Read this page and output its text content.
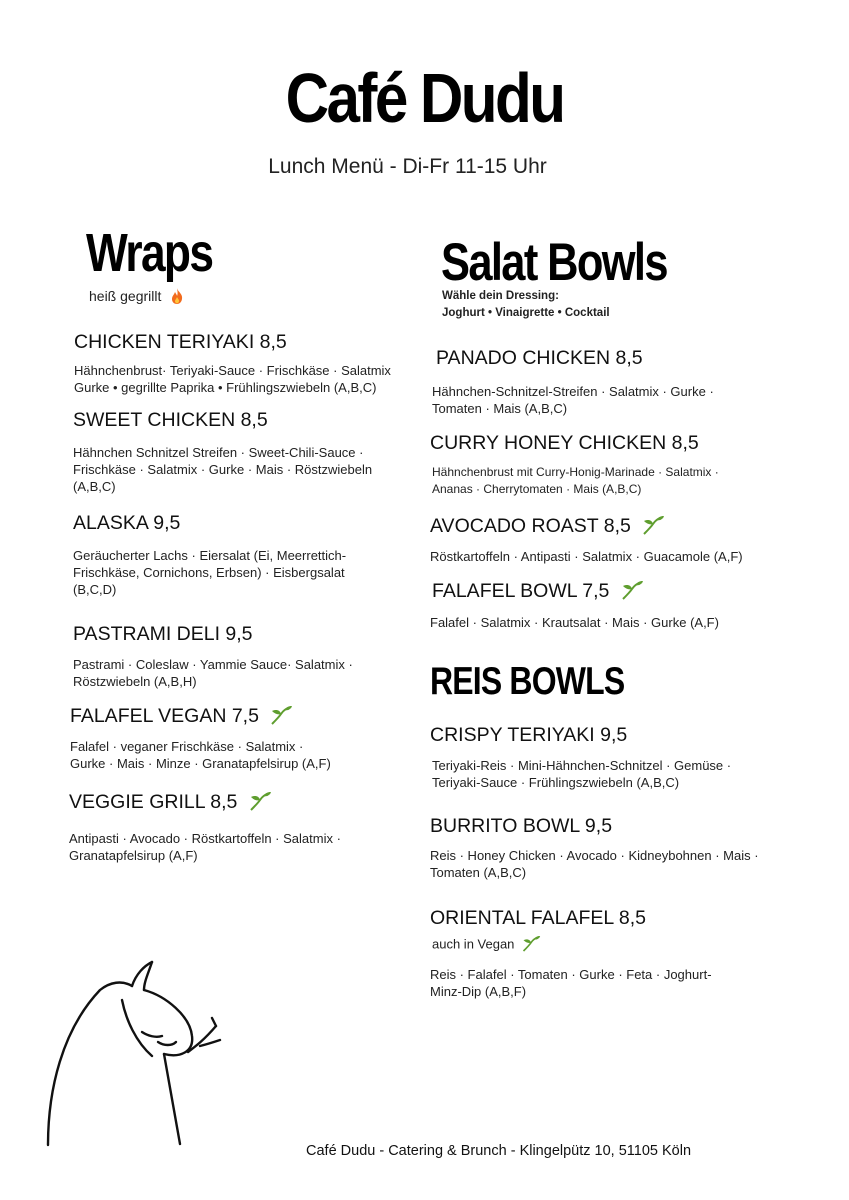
Café Dudu
Lunch Menü - Di-Fr 11-15 Uhr
Wraps
heiß gegrillt
CHICKEN TERIYAKI 8,5
Hähnchenbrust· Teriyaki-Sauce · Frischkäse · Salatmix
Gurke • gegrillte Paprika • Frühlingszwiebeln (A,B,C)
SWEET CHICKEN 8,5
Hähnchen Schnitzel Streifen · Sweet-Chili-Sauce ·
Frischkäse · Salatmix · Gurke · Mais · Röstzwiebeln
(A,B,C)
ALASKA 9,5
Geräucherter Lachs · Eiersalat (Ei, Meerrettich-
Frischkäse, Cornichons, Erbsen) · Eisbergsalat
(B,C,D)
PASTRAMI DELI 9,5
Pastrami · Coleslaw · Yammie Sauce· Salatmix ·
Röstzwiebeln (A,B,H)
FALAFEL VEGAN 7,5
Falafel · veganer Frischkäse · Salatmix ·
Gurke · Mais · Minze · Granatapfelsirup (A,F)
VEGGIE GRILL 8,5
Antipasti · Avocado · Röstkartoffeln · Salatmix ·
Granatapfelsirup (A,F)
Salat Bowls
Wähle dein Dressing:
Joghurt • Vinaigrette • Cocktail
PANADO CHICKEN 8,5
Hähnchen-Schnitzel-Streifen · Salatmix · Gurke ·
Tomaten · Mais (A,B,C)
CURRY HONEY CHICKEN 8,5
Hähnchenbrust mit Curry-Honig-Marinade · Salatmix ·
Ananas · Cherrytomaten · Mais (A,B,C)
AVOCADO ROAST 8,5
Röstkartoffeln · Antipasti · Salatmix · Guacamole (A,F)
FALAFEL BOWL 7,5
Falafel · Salatmix · Krautsalat · Mais · Gurke (A,F)
REIS BOWLS
CRISPY TERIYAKI 9,5
Teriyaki-Reis · Mini-Hähnchen-Schnitzel · Gemüse ·
Teriyaki-Sauce · Frühlingszwiebeln (A,B,C)
BURRITO BOWL 9,5
Reis · Honey Chicken · Avocado · Kidneybohnen · Mais ·
Tomaten (A,B,C)
ORIENTAL FALAFEL 8,5
auch in Vegan
Reis · Falafel · Tomaten · Gurke · Feta · Joghurt-
Minz-Dip (A,B,F)
Café Dudu - Catering & Brunch - Klingelpütz 10, 51105 Köln
